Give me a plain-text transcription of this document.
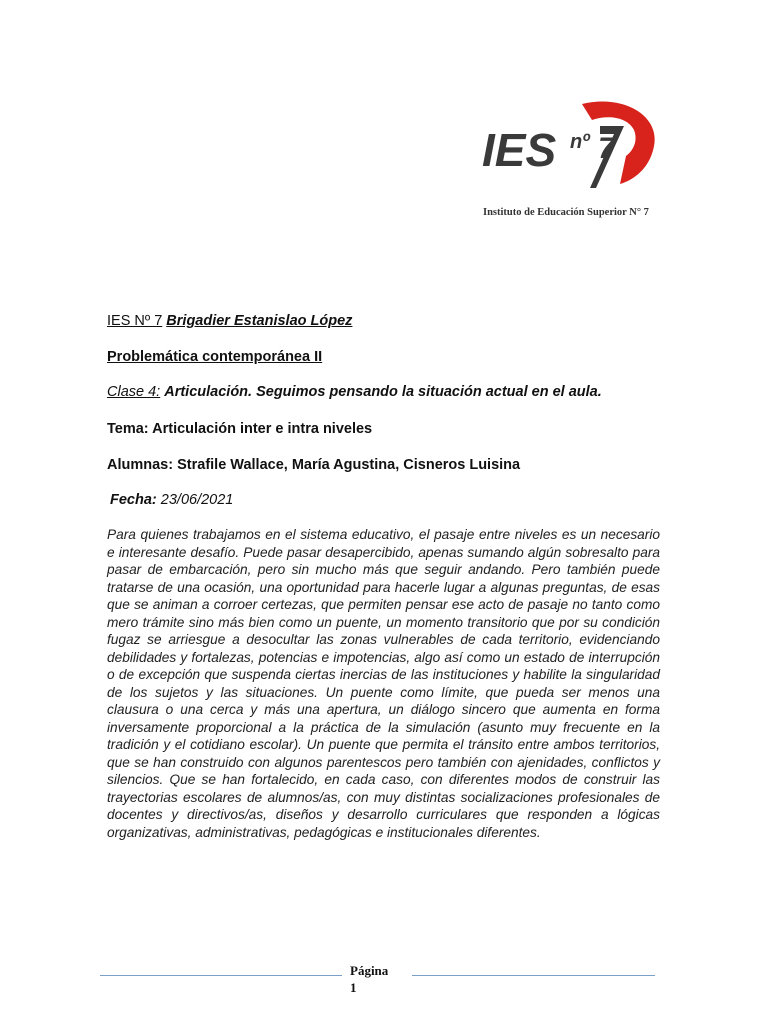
IES nº 7
Instituto de Educación Superior N° 7
IES Nº 7 Brigadier Estanislao López
Problemática contemporánea II
Clase 4: Articulación. Seguimos pensando la situación actual en el aula.
Tema: Articulación inter e intra niveles
Alumnas: Strafile Wallace, María Agustina, Cisneros Luisina
Fecha: 23/06/2021

Para quienes trabajamos en el sistema educativo, el pasaje entre niveles es un necesario e interesante desafío. Puede pasar desapercibido, apenas sumando algún sobresalto para pasar de embarcación, pero sin mucho más que seguir andando. Pero también puede tratarse de una ocasión, una oportunidad para hacerle lugar a algunas preguntas, de esas que se animan a corroer certezas, que permiten pensar ese acto de pasaje no tanto como mero trámite sino más bien como un puente, un momento transitorio que por su condición fugaz se arriesgue a desocultar las zonas vulnerables de cada territorio, evidenciando debilidades y fortalezas, potencias e impotencias, algo así como un estado de interrupción o de excepción que suspenda ciertas inercias de las instituciones y habilite la singularidad de los sujetos y las situaciones. Un puente como límite, que pueda ser menos una clausura o una cerca y más una apertura, un diálogo sincero que aumenta en forma inversamente proporcional a la práctica de la simulación (asunto muy frecuente en la tradición y el cotidiano escolar). Un puente que permita el tránsito entre ambos territorios, que se han construido con algunos parentescos pero también con ajenidades, conflictos y silencios. Que se han fortalecido, en cada caso, con diferentes modos de construir las trayectorias escolares de alumnos/as, con muy distintas socializaciones profesionales de docentes y directivos/as, diseños y desarrollo curriculares que responden a lógicas organizativas, administrativas, pedagógicas e institucionales diferentes.

Página
1
